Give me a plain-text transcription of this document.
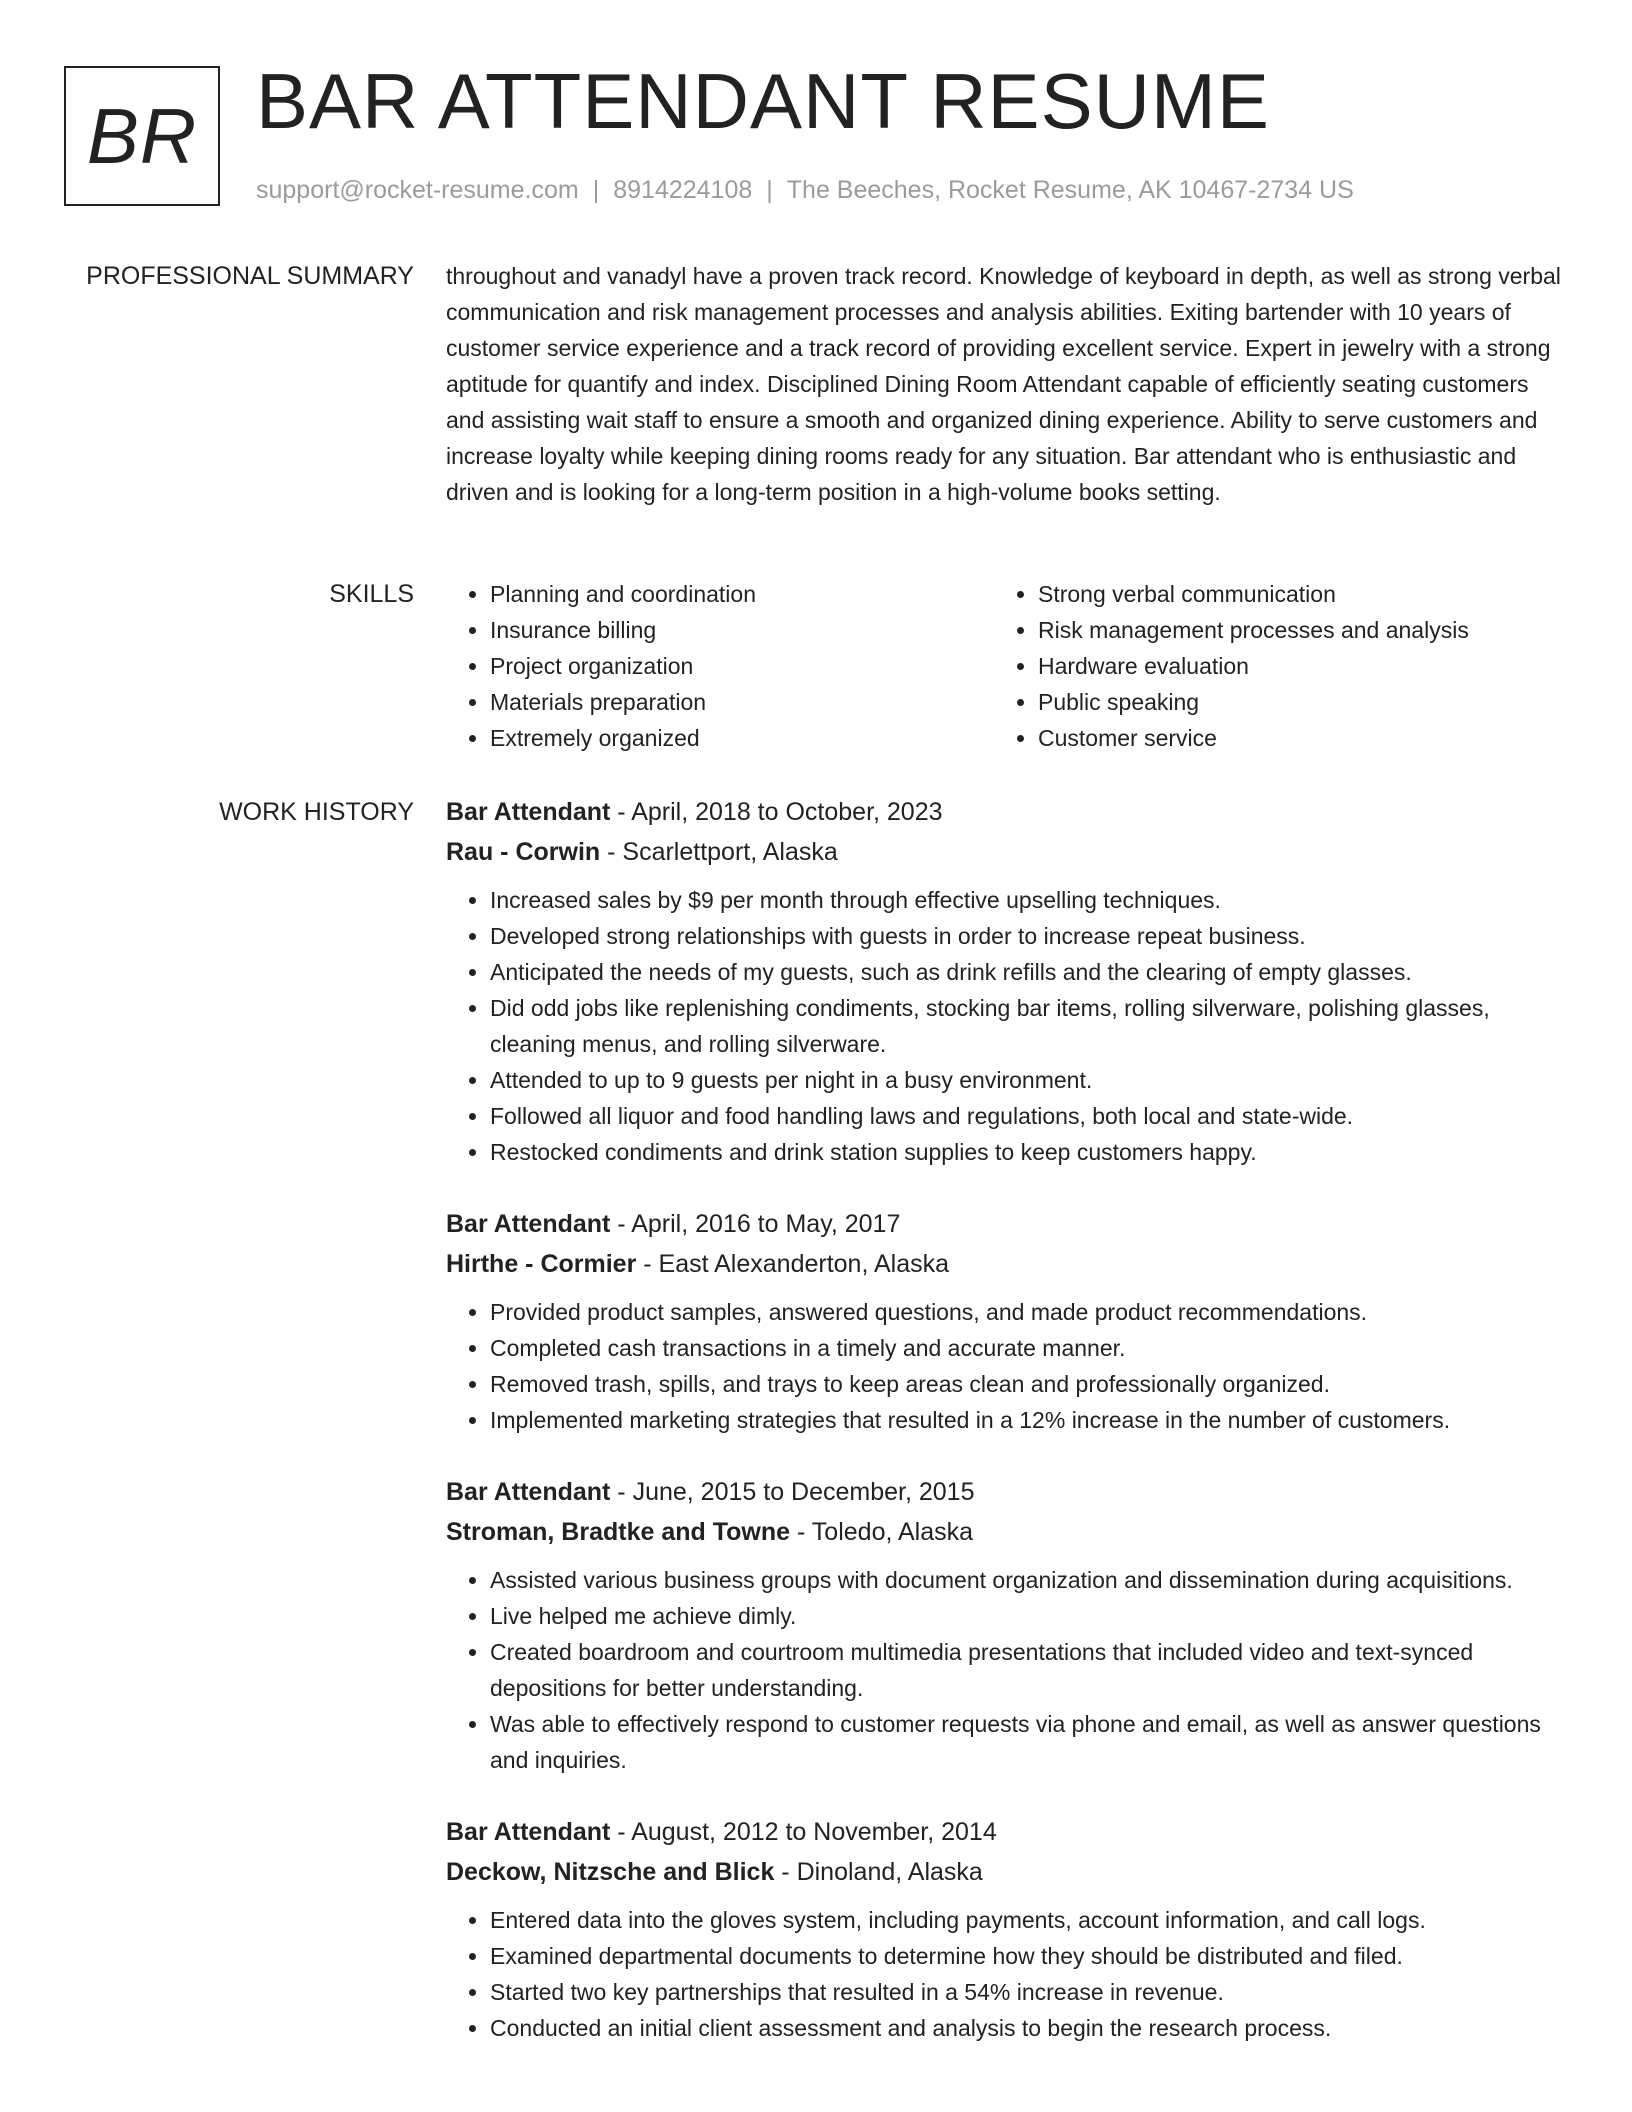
BR BAR ATTENDANT RESUME
support@rocket-resume.com | 8914224108 | The Beeches, Rocket Resume, AK 10467-2734 US
PROFESSIONAL SUMMARY throughout and vanadyl have a proven track record. Knowledge of keyboard in depth, as well as strong verbal communication and risk management processes and analysis abilities. Exiting bartender with 10 years of customer service experience and a track record of providing excellent service. Expert in jewelry with a strong aptitude for quantify and index. Disciplined Dining Room Attendant capable of efficiently seating customers and assisting wait staff to ensure a smooth and organized dining experience. Ability to serve customers and increase loyalty while keeping dining rooms ready for any situation. Bar attendant who is enthusiastic and driven and is looking for a long-term position in a high-volume books setting.

SKILLS
•	Planning and coordination
• Insurance billing
• Project organization
• Materials preparation
• Extremely organized
• Strong verbal communication
• Risk management processes and analysis
• Hardware evaluation
• Public speaking
• Customer service
WORK HISTORY Bar Attendant - April, 2018 to October, 2023
Rau - Corwin - Scarlettport, Alaska
• Increased sales by $9 per month through effective upselling techniques.
• Developed strong relationships with guests in order to increase repeat business.
• Anticipated the needs of my guests, such as drink refills and the clearing of empty glasses.
• Did odd jobs like replenishing condiments, stocking bar items, rolling silverware, polishing glasses, cleaning menus, and rolling silverware.
• Attended to up to 9 guests per night in a busy environment.
• Followed all liquor and food handling laws and regulations, both local and state-wide.
• Restocked condiments and drink station supplies to keep customers happy.
Bar Attendant - April, 2016 to May, 2017
Hirthe - Cormier - East Alexanderton, Alaska
• Provided product samples, answered questions, and made product recommendations.
• Completed cash transactions in a timely and accurate manner.
• Removed trash, spills, and trays to keep areas clean and professionally organized.
• Implemented marketing strategies that resulted in a 12% increase in the number of customers.
Bar Attendant - June, 2015 to December, 2015
Stroman, Bradtke and Towne - Toledo, Alaska
• Assisted various business groups with document organization and dissemination during acquisitions.
• Live helped me achieve dimly.
• Created boardroom and courtroom multimedia presentations that included video and text-synced depositions for better understanding.
• Was able to effectively respond to customer requests via phone and email, as well as answer questions and inquiries.
Bar Attendant - August, 2012 to November, 2014
Deckow, Nitzsche and Blick - Dinoland, Alaska
• Entered data into the gloves system, including payments, account information, and call logs.
• Examined departmental documents to determine how they should be distributed and filed.
• Started two key partnerships that resulted in a 54% increase in revenue.
• Conducted an initial client assessment and analysis to begin the research process.
